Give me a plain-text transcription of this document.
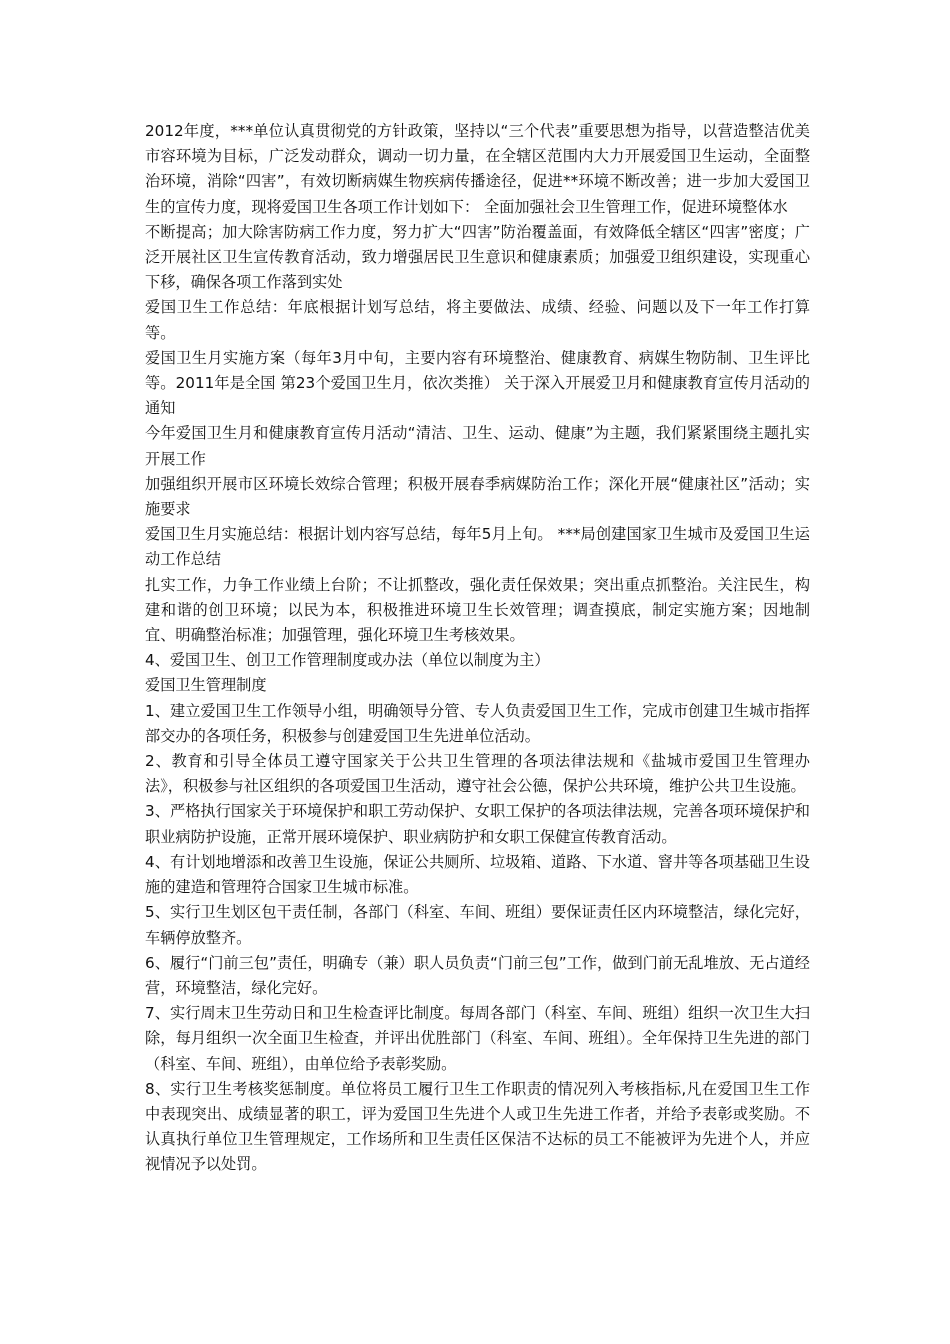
2012年度，***单位认真贯彻党的方针政策，坚持以“三个代表”重要思想为指导，以营造整洁优美市容环境为目标，广泛发动群众，调动一切力量，在全辖区范围内大力开展爱国卫生运动，全面整治环境，消除“四害”，有效切断病媒生物疾病传播途径，促进**环境不断改善；进一步加大爱国卫生的宣传力度，现将爱国卫生各项工作计划如下： 全面加强社会卫生管理工作，促进环境整体水

不断提高；加大除害防病工作力度，努力扩大“四害”防治覆盖面，有效降低全辖区“四害”密度；广泛开展社区卫生宣传教育活动，致力增强居民卫生意识和健康素质；加强爱卫组织建设，实现重心下移，确保各项工作落到实处

爱国卫生工作总结：年底根据计划写总结，将主要做法、成绩、经验、问题以及下一年工作打算等。

爱国卫生月实施方案（每年3月中旬，主要内容有环境整治、健康教育、病媒生物防制、卫生评比等。2011年是全国 第23个爱国卫生月，依次类推） 关于深入开展爱卫月和健康教育宣传月活动的通知

今年爱国卫生月和健康教育宣传月活动“清洁、卫生、运动、健康”为主题，我们紧紧围绕主题扎实开展工作

加强组织开展市区环境长效综合管理；积极开展春季病媒防治工作；深化开展“健康社区”活动；实施要求

爱国卫生月实施总结：根据计划内容写总结，每年5月上旬。 ***局创建国家卫生城市及爱国卫生运动工作总结

扎实工作，力争工作业绩上台阶；不让抓整改，强化责任保效果；突出重点抓整治。关注民生，构建和谐的创卫环境；以民为本，积极推进环境卫生长效管理；调查摸底，制定实施方案；因地制宜、明确整治标准；加强管理，强化环境卫生考核效果。

4、爱国卫生、创卫工作管理制度或办法（单位以制度为主）

爱国卫生管理制度

1、建立爱国卫生工作领导小组，明确领导分管、专人负责爱国卫生工作，完成市创建卫生城市指挥部交办的各项任务，积极参与创建爱国卫生先进单位活动。

2、教育和引导全体员工遵守国家关于公共卫生管理的各项法律法规和《盐城市爱国卫生管理办法》，积极参与社区组织的各项爱国卫生活动，遵守社会公德，保护公共环境，维护公共卫生设施。

3、严格执行国家关于环境保护和职工劳动保护、女职工保护的各项法律法规，完善各项环境保护和职业病防护设施，正常开展环境保护、职业病防护和女职工保健宣传教育活动。

4、有计划地增添和改善卫生设施，保证公共厕所、垃圾箱、道路、下水道、窨井等各项基础卫生设施的建造和管理符合国家卫生城市标准。

5、实行卫生划区包干责任制，各部门（科室、车间、班组）要保证责任区内环境整洁，绿化完好，车辆停放整齐。

6、履行“门前三包”责任，明确专（兼）职人员负责“门前三包”工作，做到门前无乱堆放、无占道经营，环境整洁，绿化完好。

7、实行周末卫生劳动日和卫生检查评比制度。每周各部门（科室、车间、班组）组织一次卫生大扫除，每月组织一次全面卫生检查，并评出优胜部门（科室、车间、班组）。全年保持卫生先进的部门（科室、车间、班组），由单位给予表彰奖励。

8、实行卫生考核奖惩制度。单位将员工履行卫生工作职责的情况列入考核指标,凡在爱国卫生工作中表现突出、成绩显著的职工，评为爱国卫生先进个人或卫生先进工作者，并给予表彰或奖励。不认真执行单位卫生管理规定，工作场所和卫生责任区保洁不达标的员工不能被评为先进个人，并应视情况予以处罚。
